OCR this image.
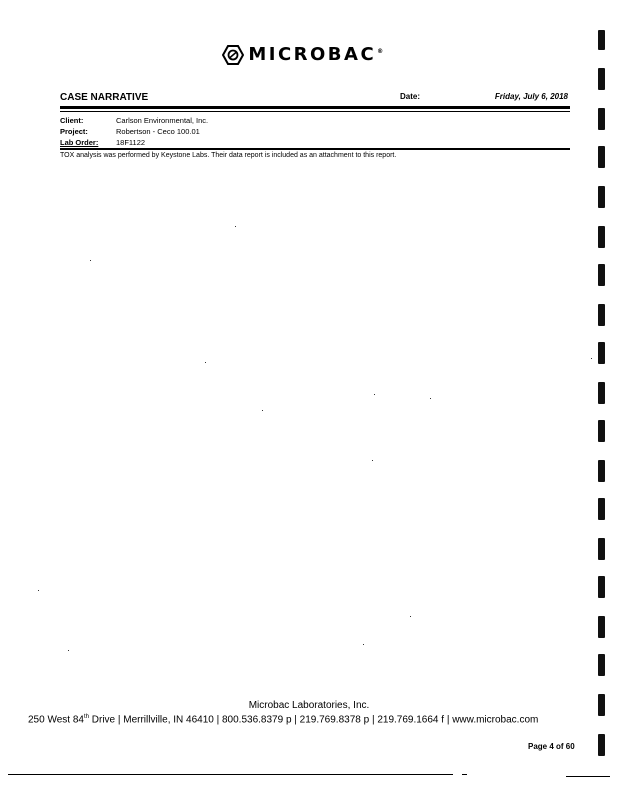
MICROBAC®
CASE NARRATIVE	Date:	Friday, July 6, 2018
Client:	Carlson Environmental, Inc.
Project:	Robertson - Ceco 100.01
Lab Order: 18F1122
TOX analysis was performed by Keystone Labs. Their data report is included as an attachment to this report.
Microbac Laboratories, Inc.
250 West 84th Drive | Merrillville, IN 46410 | 800.536.8379 p | 219.769.8378 p | 219.769.1664 f | www.microbac.com
Page 4 of 60
